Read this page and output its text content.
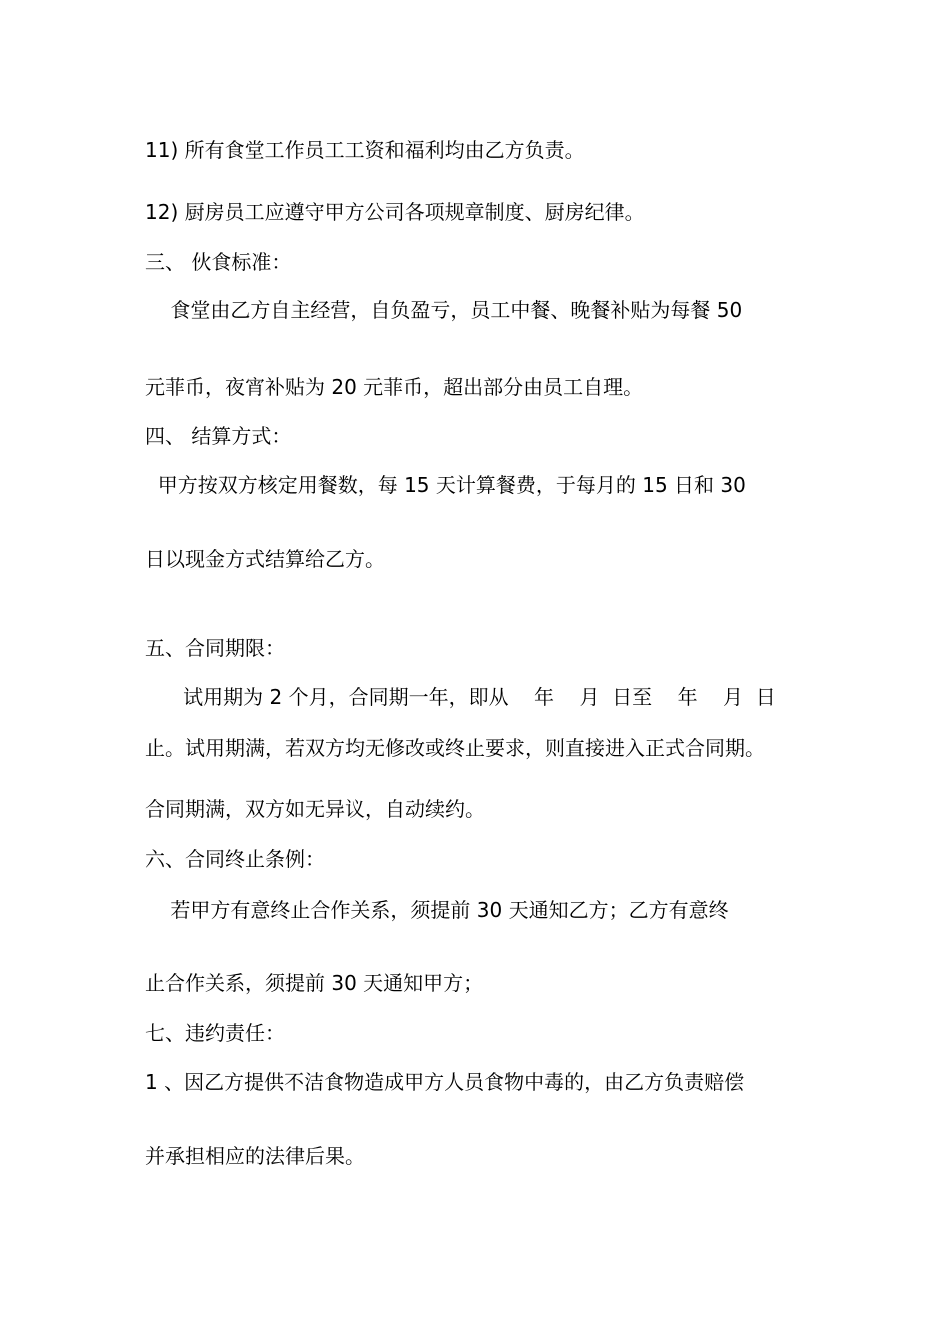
11) 所有食堂工作员工工资和福利均由乙方负责。
12) 厨房员工应遵守甲方公司各项规章制度、厨房纪律。
三、 伙食标准：
食堂由乙方自主经营，自负盈亏，员工中餐、晚餐补贴为每餐 50
元菲币，夜宵补贴为 20 元菲币，超出部分由员工自理。
四、 结算方式：
甲方按双方核定用餐数，每 15 天计算餐费，于每月的 15 日和 30
日以现金方式结算给乙方。
五、合同期限：
试用期为 2 个月，合同期一年，即从    年    月  日至    年    月  日
止。试用期满，若双方均无修改或终止要求，则直接进入正式合同期。
合同期满，双方如无异议，自动续约。
六、合同终止条例：
若甲方有意终止合作关系，须提前 30 天通知乙方；乙方有意终
止合作关系，须提前 30 天通知甲方；
七、违约责任：
1 、因乙方提供不洁食物造成甲方人员食物中毒的，由乙方负责赔偿
并承担相应的法律后果。
